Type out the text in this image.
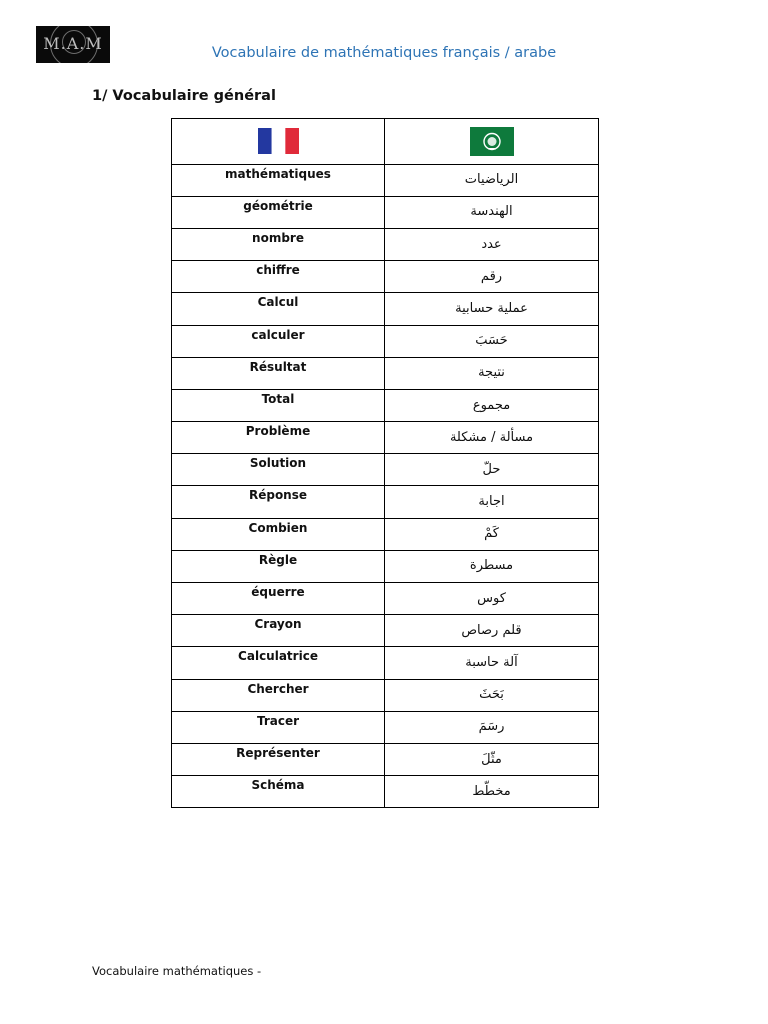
M.A.M	Vocabulaire de mathématiques français / arabe
1/ Vocabulaire général

mathématiques	الرياضيات
géométrie	الهندسة
nombre	عدد
chiffre	رقم
Calcul	عملية حسابية
calculer	حَسَبَ
Résultat	نتيجة
Total	مجموع
Problème	مسألة / مشكلة
Solution	حلّ
Réponse	اجابة
Combien	كَمْ
Règle	مسطرة
équerre	كوس
Crayon	قلم رصاص
Calculatrice	آلة حاسبة
Chercher	بَحَثَ
Tracer	رسَمَ
Représenter	مثّلَ
Schéma	مخطّط
Vocabulaire mathématiques -
